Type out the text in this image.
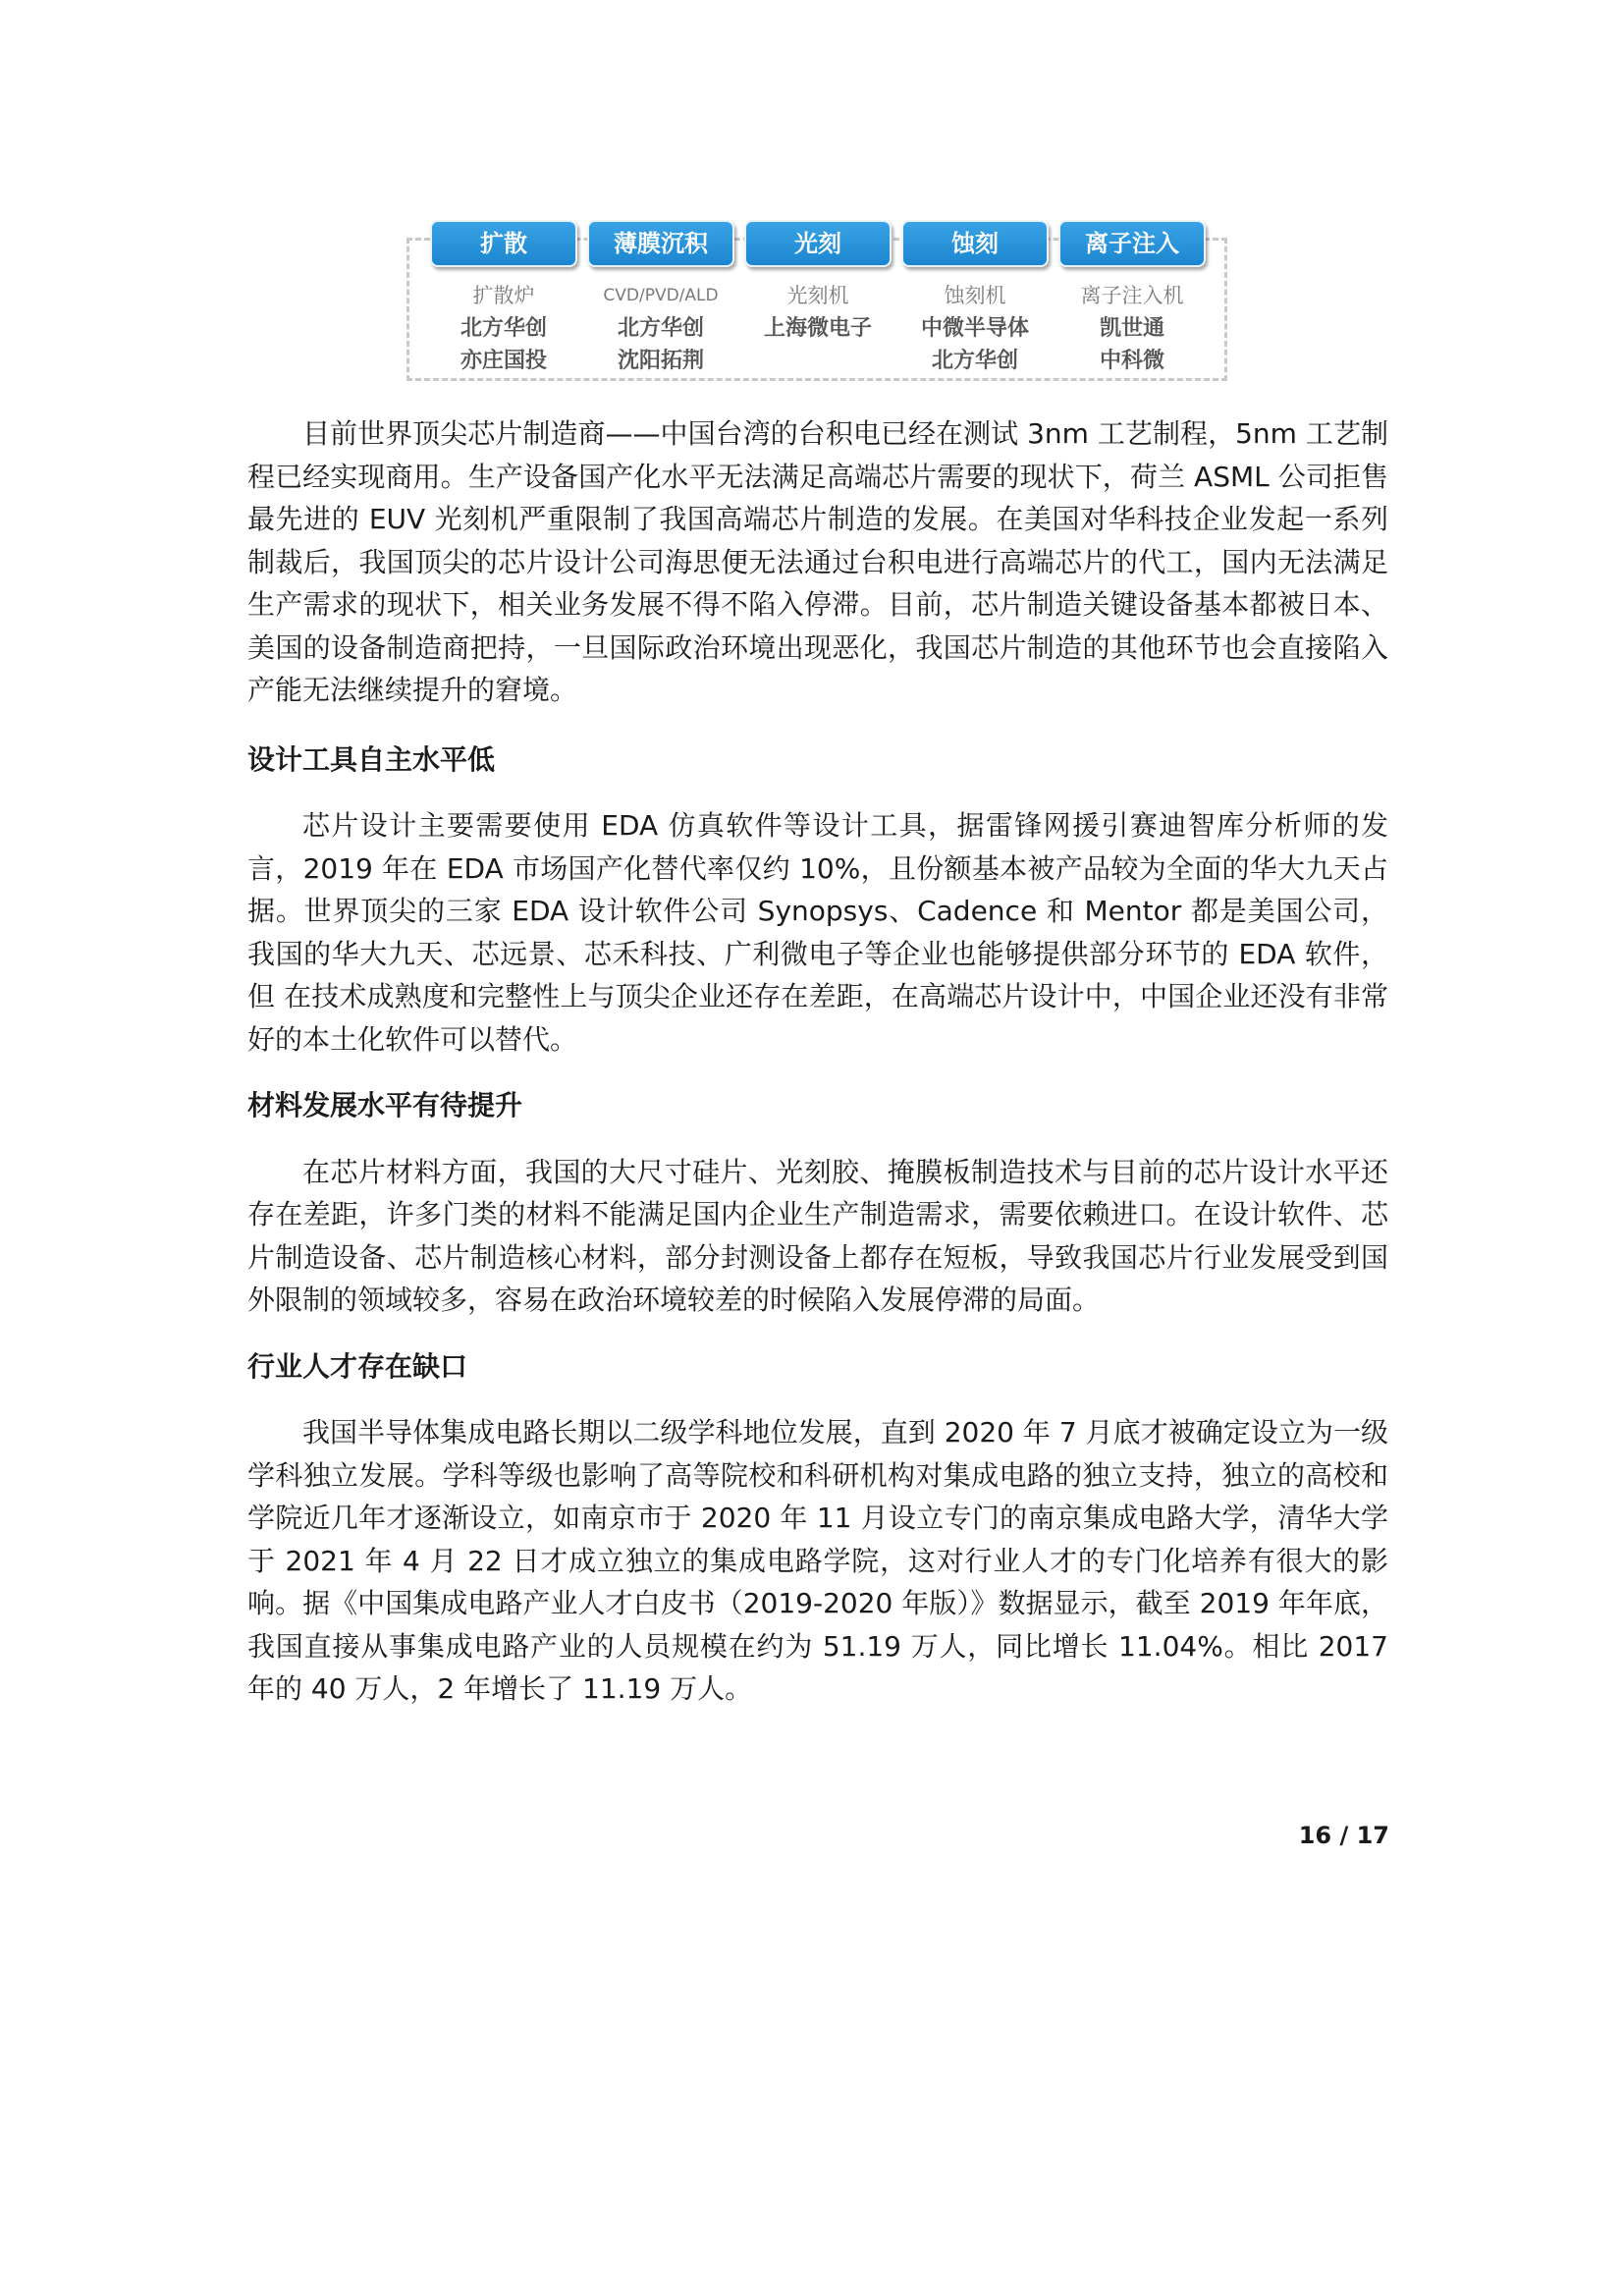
扩散
扩散炉
北方华创
亦庄国投
薄膜沉积
CVD/PVD/ALD
北方华创
沈阳拓荆
光刻
光刻机
上海微电子
蚀刻
蚀刻机
中微半导体
北方华创
离子注入
离子注入机
凯世通
中科微

目前世界顶尖芯片制造商——中国台湾的台积电已经在测试 3nm 工艺制程，5nm 工艺制程已经实现商用。生产设备国产化水平无法满足高端芯片需要的现状下，荷兰 ASML 公司拒售最先进的 EUV 光刻机严重限制了我国高端芯片制造的发展。在美国对华科技企业发起一系列制裁后，我国顶尖的芯片设计公司海思便无法通过台积电进行高端芯片的代工，国内无法满足生产需求的现状下，相关业务发展不得不陷入停滞。目前，芯片制造关键设备基本都被日本、美国的设备制造商把持，一旦国际政治环境出现恶化，我国芯片制造的其他环节也会直接陷入产能无法继续提升的窘境。

设计工具自主水平低

芯片设计主要需要使用 EDA 仿真软件等设计工具，据雷锋网援引赛迪智库分析师的发言，2019 年在 EDA 市场国产化替代率仅约 10%，且份额基本被产品较为全面的华大九天占据。世界顶尖的三家 EDA 设计软件公司 Synopsys、Cadence 和 Mentor 都是美国公司，我国的华大九天、芯远景、芯禾科技、广利微电子等企业也能够提供部分环节的 EDA 软件，但 在技术成熟度和完整性上与顶尖企业还存在差距，在高端芯片设计中，中国企业还没有非常好的本土化软件可以替代。

材料发展水平有待提升

在芯片材料方面，我国的大尺寸硅片、光刻胶、掩膜板制造技术与目前的芯片设计水平还存在差距，许多门类的材料不能满足国内企业生产制造需求，需要依赖进口。在设计软件、芯片制造设备、芯片制造核心材料，部分封测设备上都存在短板，导致我国芯片行业发展受到国外限制的领域较多，容易在政治环境较差的时候陷入发展停滞的局面。

行业人才存在缺口

我国半导体集成电路长期以二级学科地位发展，直到 2020 年 7 月底才被确定设立为一级学科独立发展。学科等级也影响了高等院校和科研机构对集成电路的独立支持，独立的高校和学院近几年才逐渐设立，如南京市于 2020 年 11 月设立专门的南京集成电路大学，清华大学于 2021 年 4 月 22 日才成立独立的集成电路学院，这对行业人才的专门化培养有很大的影响。据《中国集成电路产业人才白皮书（2019-2020 年版）》数据显示，截至 2019 年年底，我国直接从事集成电路产业的人员规模在约为 51.19 万人，同比增长 11.04%。相比 2017 年的 40 万人，2 年增长了 11.19 万人。

16 / 17
